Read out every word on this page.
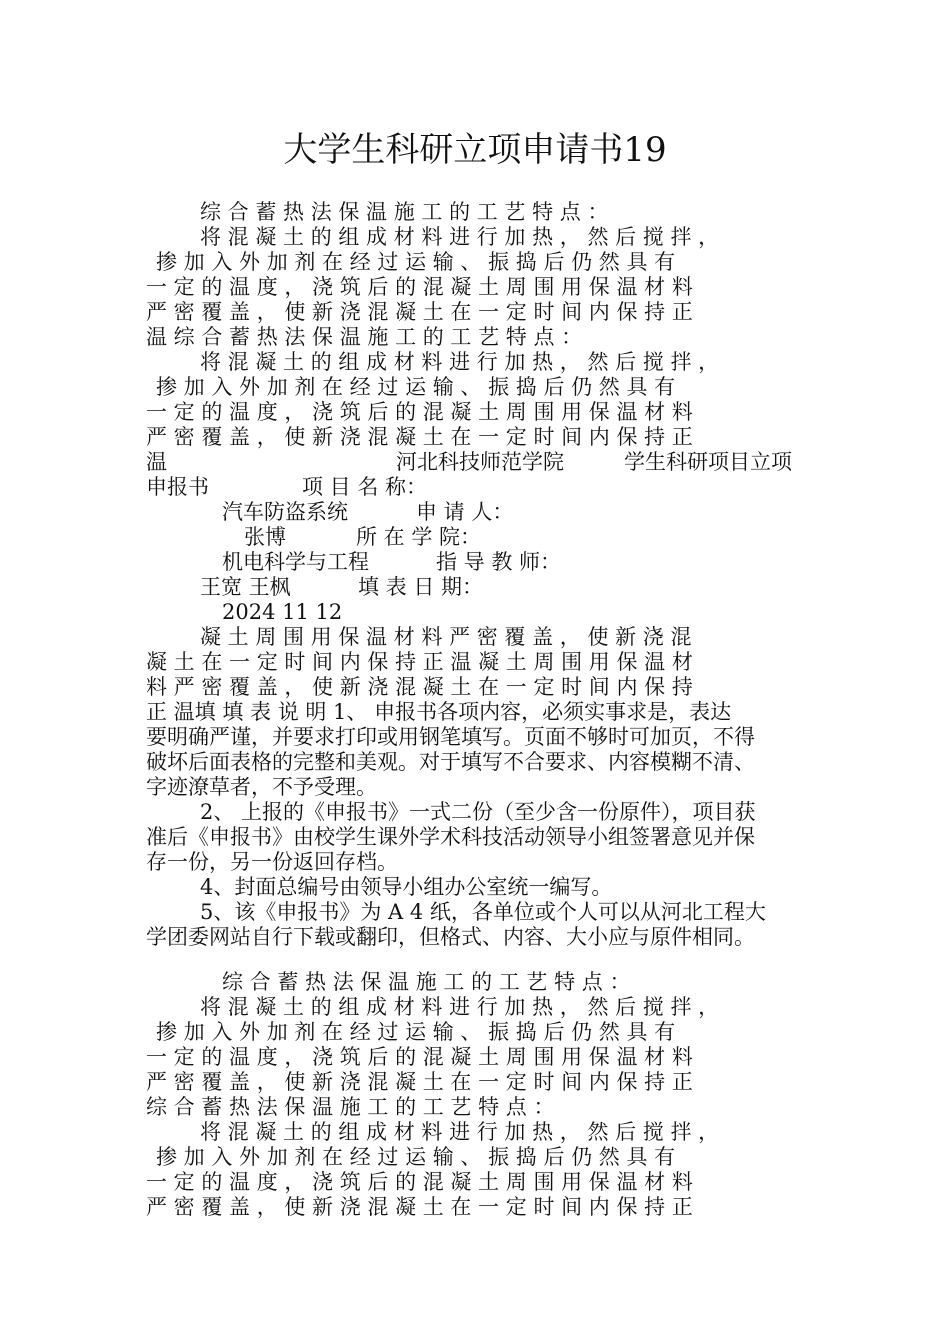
大学生科研立项申请书19
综 合 蓄 热 法 保 温 施 工 的 工 艺 特 点 ：
将 混 凝 土 的 组 成 材 料 进 行 加 热 ， 然 后 搅 拌 ，
掺 加 入 外 加 剂 在 经 过 运 输 、 振 捣 后 仍 然 具 有
一 定 的 温 度 ， 浇 筑 后 的 混 凝 土 周 围 用 保 温 材 料
严 密 覆 盖 ， 使 新 浇 混 凝 土 在 一 定 时 间 内 保 持 正
温 综 合 蓄 热 法 保 温 施 工 的 工 艺 特 点 ：
将 混 凝 土 的 组 成 材 料 进 行 加 热 ， 然 后 搅 拌 ，
掺 加 入 外 加 剂 在 经 过 运 输 、 振 捣 后 仍 然 具 有
一 定 的 温 度 ， 浇 筑 后 的 混 凝 土 周 围 用 保 温 材 料
严 密 覆 盖 ， 使 新 浇 混 凝 土 在 一 定 时 间 内 保 持 正
温	河北科技师范学院	学生科研项目立项
申报书	项 目 名 称：
汽车防盗系统	申 请 人：
张博	所 在 学 院：
机电科学与工程	指 导 教 师：
王宽 王枫	填 表 日 期：
2024 11 12
凝 土 周 围 用 保 温 材 料 严 密 覆 盖 ， 使 新 浇 混
凝 土 在 一 定 时 间 内 保 持 正 温 凝 土 周 围 用 保 温 材
料 严 密 覆 盖 ， 使 新 浇 混 凝 土 在 一 定 时 间 内 保 持
正 温填 填 表 说 明 1、 申报书各项内容，必须实事求是，表达
要明确严谨，并要求打印或用钢笔填写。页面不够时可加页，不得
破坏后面表格的完整和美观。对于填写不合要求、内容模糊不清、
字迹潦草者，不予受理。
2、 上报的《申报书》一式二份（至少含一份原件），项目获
准后《申报书》由校学生课外学术科技活动领导小组签署意见并保
存一份，另一份返回存档。
4、封面总编号由领导小组办公室统一编写。
5、该《申报书》为 A 4 纸，各单位或个人可以从河北工程大
学团委网站自行下载或翻印，但格式、内容、大小应与原件相同。
综 合 蓄 热 法 保 温 施 工 的 工 艺 特 点 ：
将 混 凝 土 的 组 成 材 料 进 行 加 热 ， 然 后 搅 拌 ，
掺 加 入 外 加 剂 在 经 过 运 输 、 振 捣 后 仍 然 具 有
一 定 的 温 度 ， 浇 筑 后 的 混 凝 土 周 围 用 保 温 材 料
严 密 覆 盖 ， 使 新 浇 混 凝 土 在 一 定 时 间 内 保 持 正
综 合 蓄 热 法 保 温 施 工 的 工 艺 特 点 ：
将 混 凝 土 的 组 成 材 料 进 行 加 热 ， 然 后 搅 拌 ，
掺 加 入 外 加 剂 在 经 过 运 输 、 振 捣 后 仍 然 具 有
一 定 的 温 度 ， 浇 筑 后 的 混 凝 土 周 围 用 保 温 材 料
严 密 覆 盖 ， 使 新 浇 混 凝 土 在 一 定 时 间 内 保 持 正
